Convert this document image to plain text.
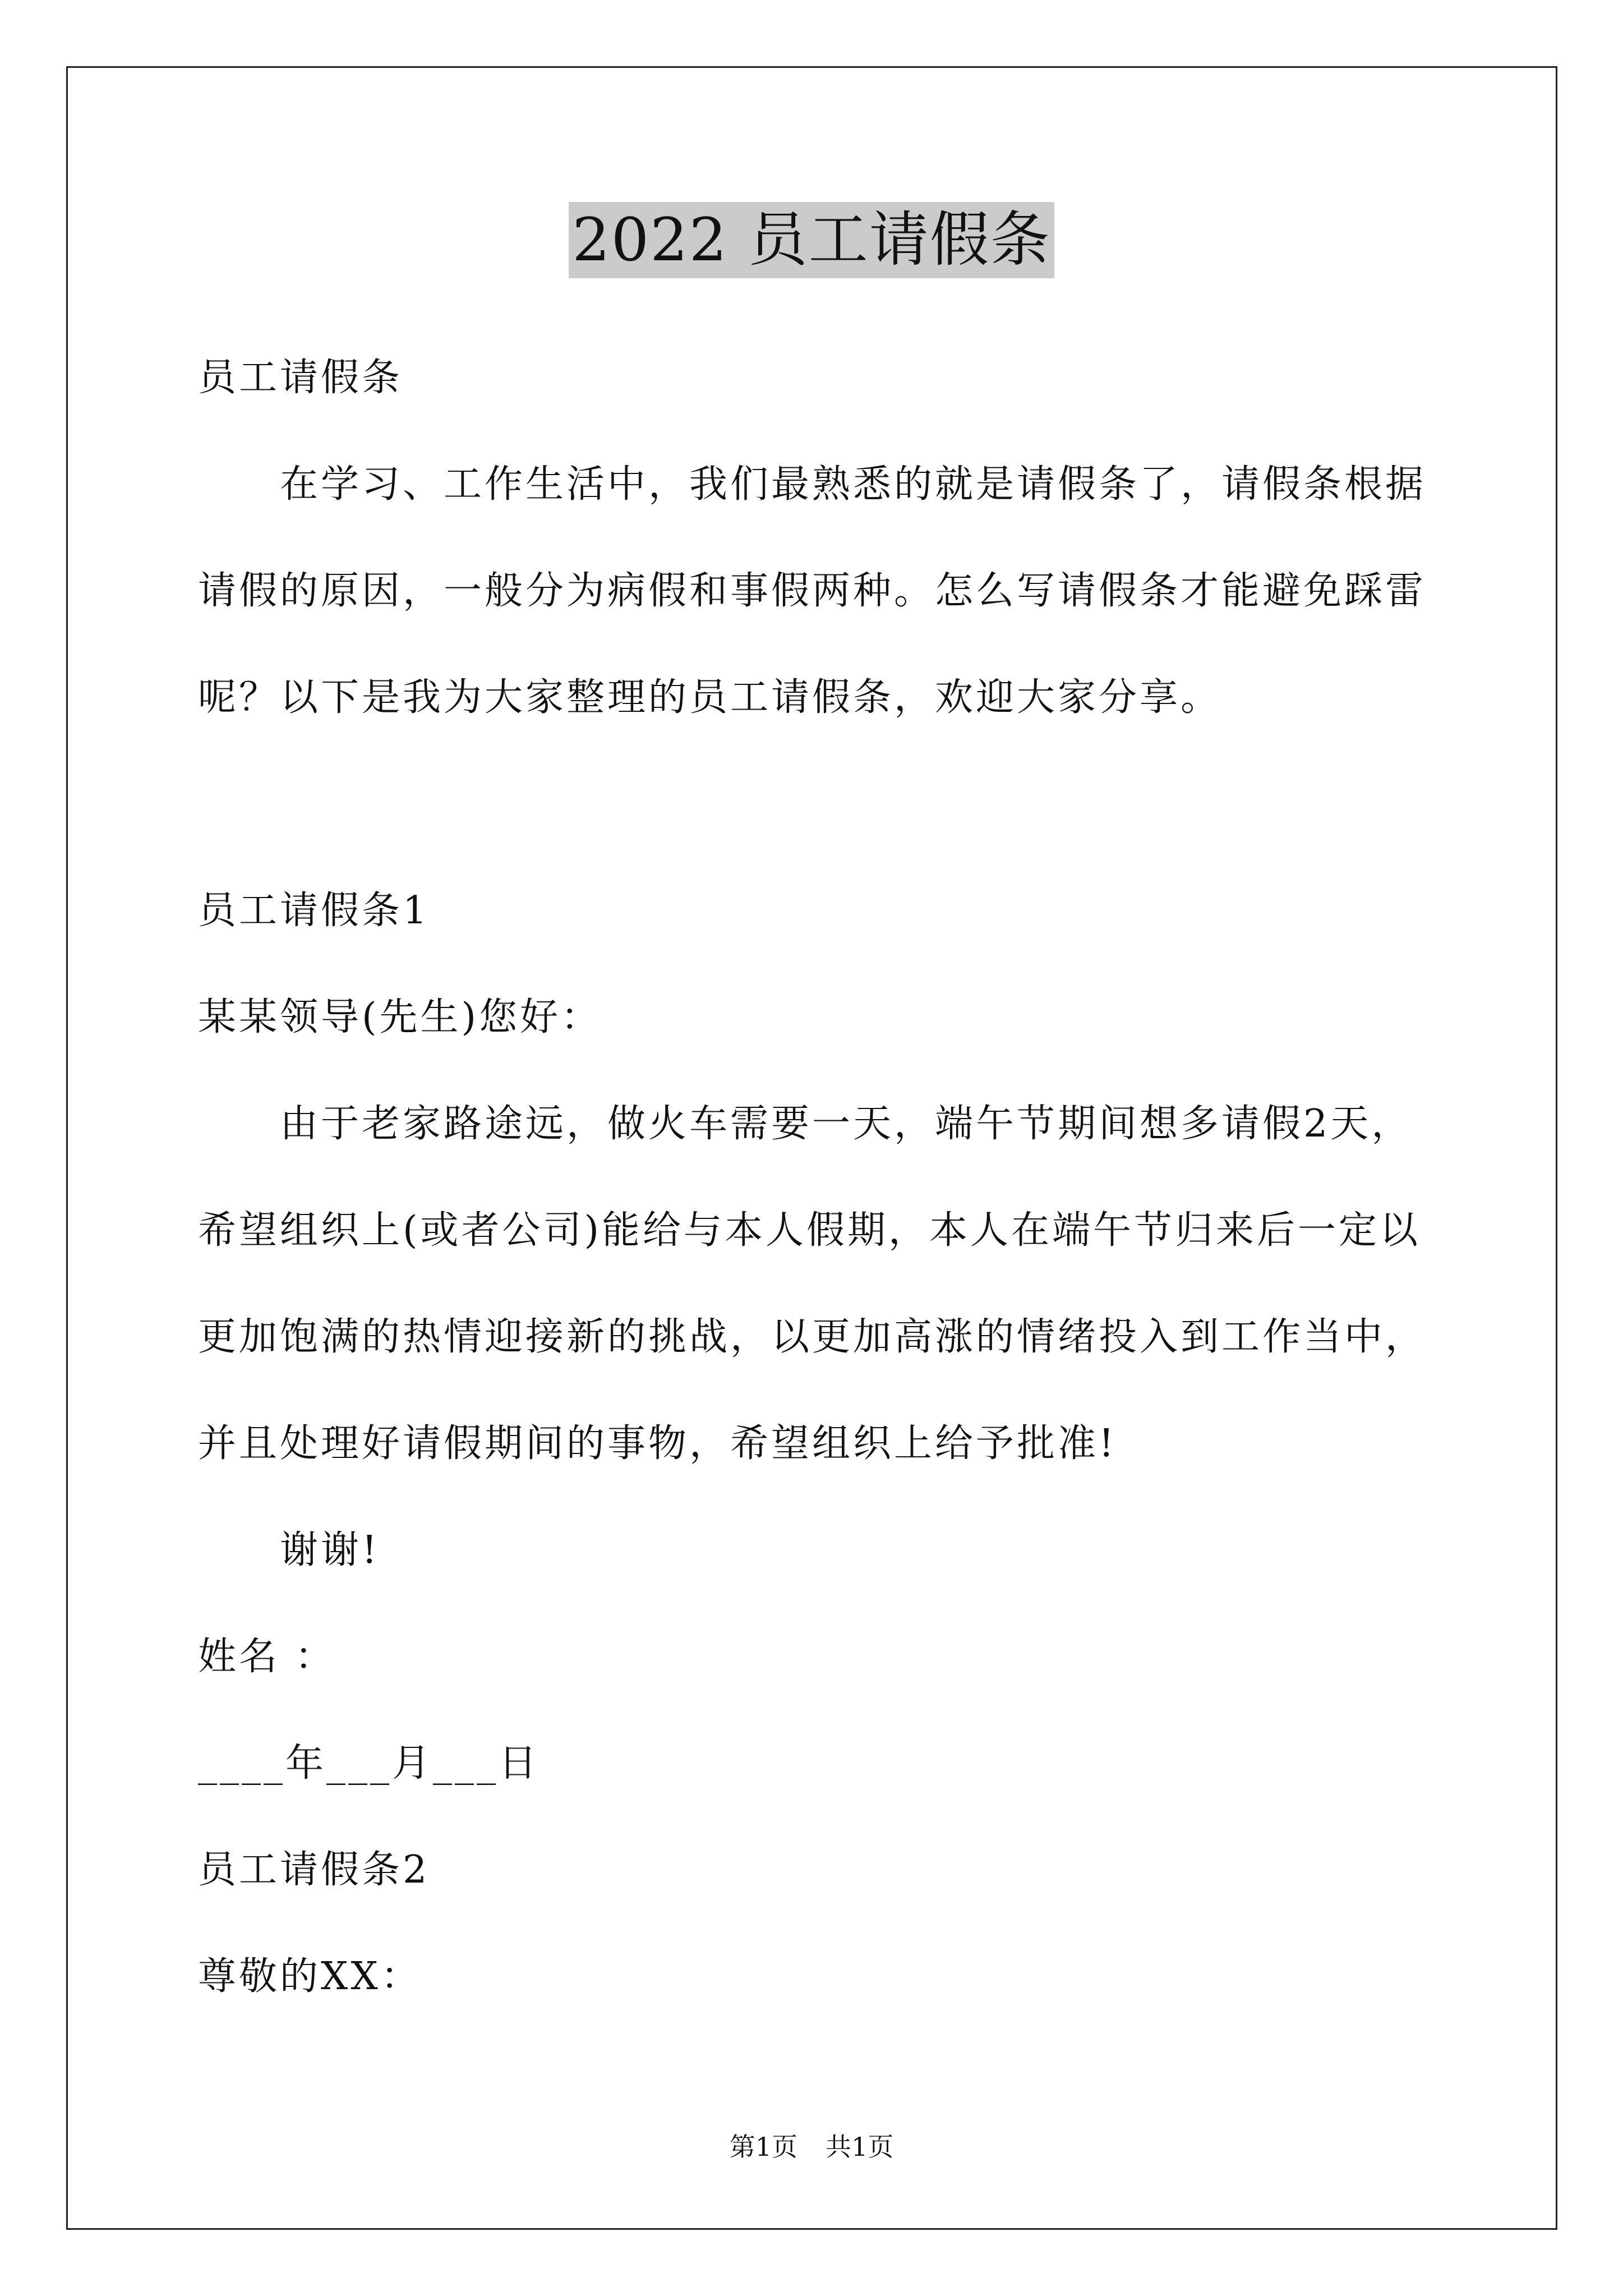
2022 员工请假条
员工请假条
在学习、工作生活中，我们最熟悉的就是请假条了，请假条根据
请假的原因，一般分为病假和事假两种。怎么写请假条才能避免踩雷
呢？以下是我为大家整理的员工请假条，欢迎大家分享。
员工请假条1
某某领导(先生)您好：
由于老家路途远，做火车需要一天，端午节期间想多请假2天，
希望组织上(或者公司)能给与本人假期，本人在端午节归来后一定以
更加饱满的热情迎接新的挑战，以更加高涨的情绪投入到工作当中，
并且处理好请假期间的事物，希望组织上给予批准!
谢谢!
姓名 ：
____年___月___日
员工请假条2
尊敬的XX：
第1页 共1页
